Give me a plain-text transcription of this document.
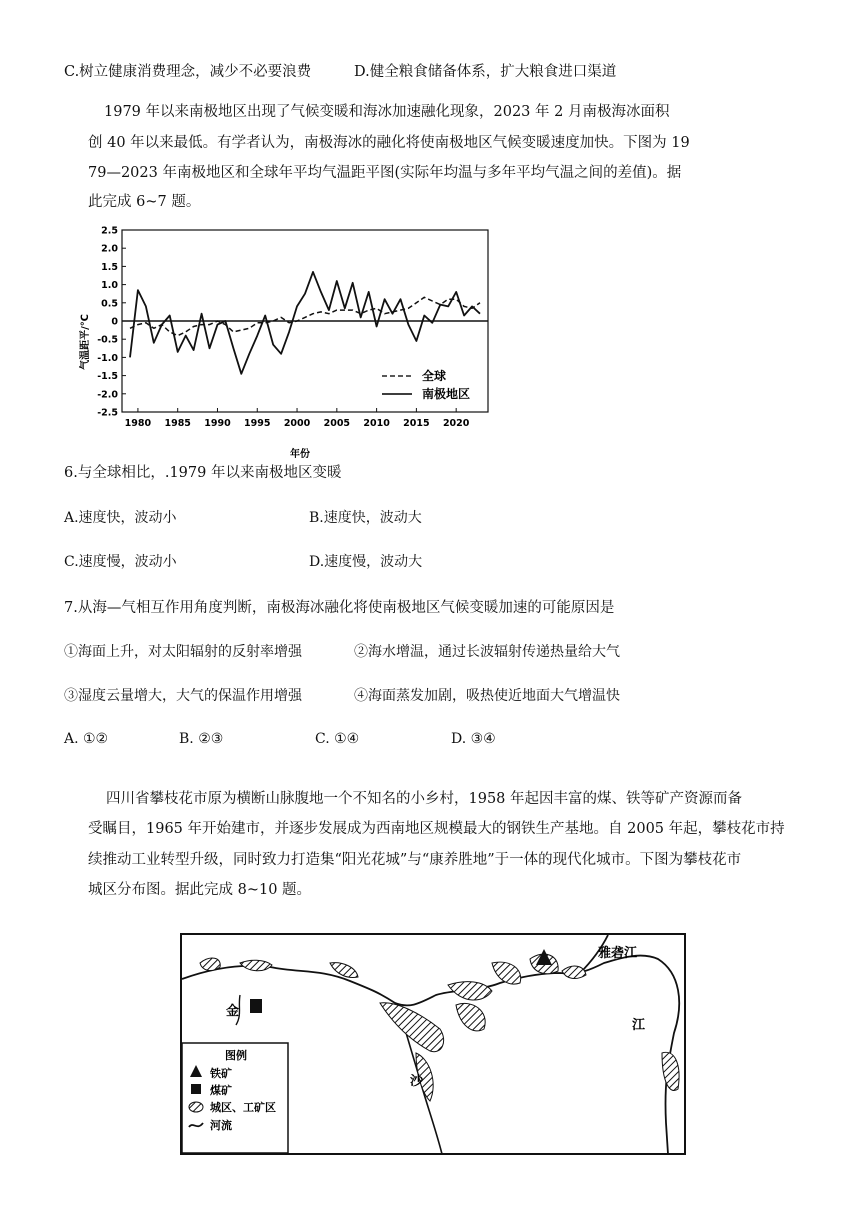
C.树立健康消费理念，减少不必要浪费	D.健全粮食储备体系，扩大粮食进口渠道
1979 年以来南极地区出现了气候变暖和海冰加速融化现象，2023 年 2 月南极海冰面积
创 40 年以来最低。有学者认为，南极海冰的融化将使南极地区气候变暖速度加快。下图为 19
79—2023 年南极地区和全球年平均气温距平图(实际年均温与多年平均气温之间的差值)。据
此完成 6~7 题。
2.5
2.0
1.5
1.0
0.5
0
-0.5
-1.0
-1.5
-2.0
-2.5
1980 1985 1990 1995 2000 2005 2010 2015 2020
气温距平/℃
年份
全球
南极地区
6.与全球相比，.1979 年以来南极地区变暖
A.速度快，波动小	B.速度快，波动大
C.速度慢，波动小	D.速度慢，波动大
7.从海—气相互作用角度判断，南极海冰融化将使南极地区气候变暖加速的可能原因是
①海面上升，对太阳辐射的反射率增强	②海水增温，通过长波辐射传递热量给大气
③湿度云量增大，大气的保温作用增强	④海面蒸发加剧，吸热使近地面大气增温快
A. ①②	B. ②③	C. ①④	D. ③④
四川省攀枝花市原为横断山脉腹地一个不知名的小乡村，1958 年起因丰富的煤、铁等矿产资源而备
受瞩目，1965 年开始建市，并逐步发展成为西南地区规模最大的钢铁生产基地。自 2005 年起，攀枝花市持
续推动工业转型升级，同时致力打造集“阳光花城”与“康养胜地”于一体的现代化城市。下图为攀枝花市
城区分布图。据此完成 8~10 题。
金
沙
江
雅砻江
图例
铁矿
煤矿
城区、工矿区
河流
